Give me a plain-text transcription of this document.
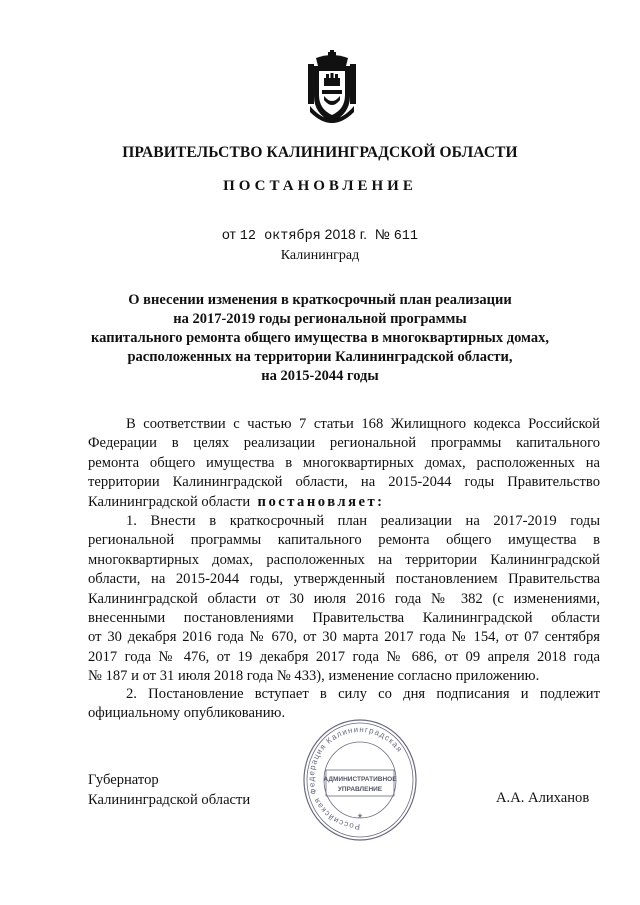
ПРАВИТЕЛЬСТВО КАЛИНИНГРАДСКОЙ ОБЛАСТИ
ПОСТАНОВЛЕНИЕ
от 12 октября 2018 г. № 611
Калининград
О внесении изменения в краткосрочный план реализации
на 2017-2019 годы региональной программы
капитального ремонта общего имущества в многоквартирных домах,
расположенных на территории Калининградской области,
на 2015-2044 годы
В соответствии с частью 7 статьи 168 Жилищного кодекса Российской
Федерации в целях реализации региональной программы капитального
ремонта общего имущества в многоквартирных домах, расположенных на
территории Калининградской области, на 2015-2044 годы Правительство
Калининградской области постановляет:
1. Внести в краткосрочный план реализации на 2017-2019 годы
региональной программы капитального ремонта общего имущества в
многоквартирных домах, расположенных на территории Калининградской
области, на 2015-2044 годы, утвержденный постановлением Правительства
Калининградской области от 30 июля 2016 года № 382 (с изменениями,
внесенными постановлениями Правительства Калининградской области
от 30 декабря 2016 года № 670, от 30 марта 2017 года № 154, от 07 сентября
2017 года № 476, от 19 декабря 2017 года № 686, от 09 апреля 2018 года
№ 187 и от 31 июля 2018 года № 433), изменение согласно приложению.
2. Постановление вступает в силу со дня подписания и подлежит
официальному опубликованию.
Российская Федерация Калининградская
АДМИНИСТРАТИВНОЕ
УПРАВЛЕНИЕ
*
Губернатор
Калининградской области	А.А. Алиханов
